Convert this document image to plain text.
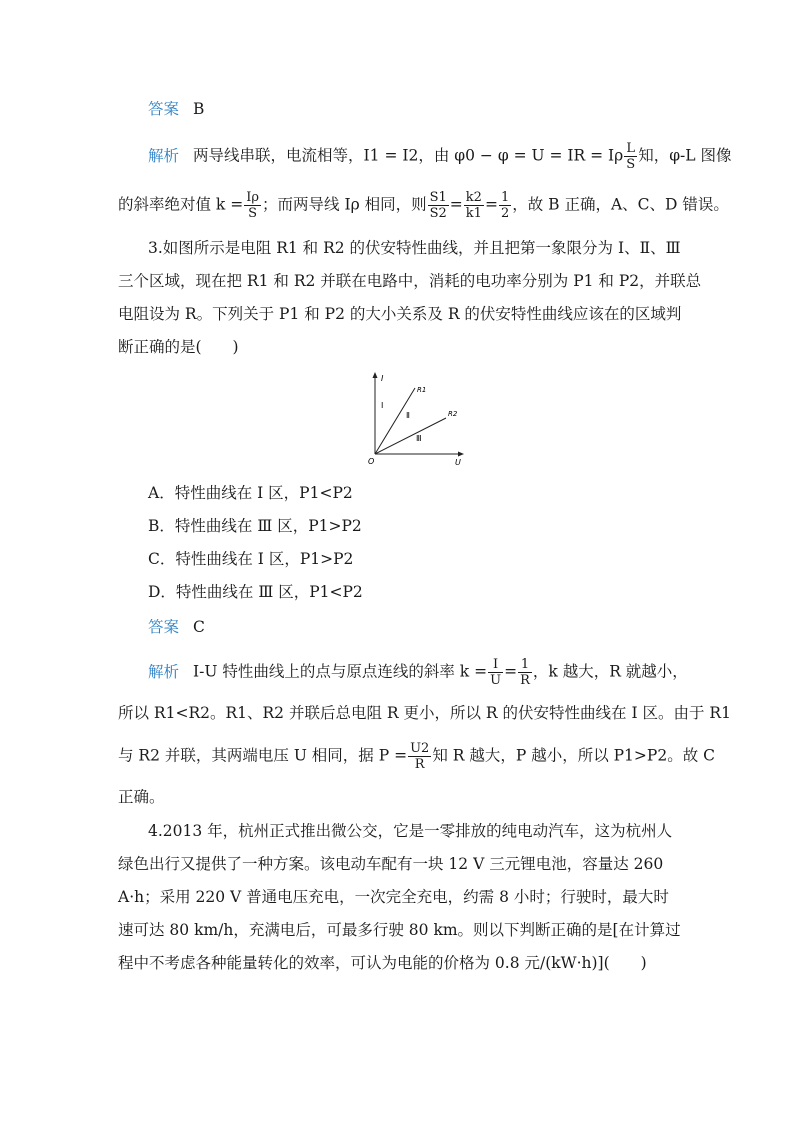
答案 B
解析 两导线串联，电流相等，I1 = I2，由 φ0 − φ = U = IR = Iρ $\frac{L}{S}$ 知，φ-L 图像
的斜率绝对值 $k = \frac{I\rho}{S}$ ；而两导线 Iρ 相同，则 $\frac{S1}{S2} = \frac{k2}{k1} = \frac{1}{2}$ ，故 B 正确，A、C、D 错误。
3.如图所示是电阻 R1 和 R2 的伏安特性曲线，并且把第一象限分为 Ⅰ、Ⅱ、Ⅲ
三个区域，现在把 R1 和 R2 并联在电路中，消耗的电功率分别为 P1 和 P2，并联总
电阻设为 R。下列关于 P1 和 P2 的大小关系及 R 的伏安特性曲线应该在的区域判
断正确的是(　　)
I
U
O
R1
R2
Ⅰ
Ⅱ
Ⅲ
A．特性曲线在 Ⅰ 区，P1<P2
B．特性曲线在 Ⅲ 区，P1>P2
C．特性曲线在 Ⅰ 区，P1>P2
D．特性曲线在 Ⅲ 区，P1<P2
答案 C
解析 I-U 特性曲线上的点与原点连线的斜率 $k = \frac{I}{U} = \frac{1}{R}$ ，k 越大，R 就越小，
所以 R1<R2。R1、R2 并联后总电阻 R 更小，所以 R 的伏安特性曲线在 Ⅰ 区。由于 R1
与 R2 并联，其两端电压 U 相同，据 $P = \frac{U2}{R}$ 知 R 越大，P 越小，所以 P1>P2。故 C
正确。
4.2013 年，杭州正式推出微公交，它是一零排放的纯电动汽车，这为杭州人
绿色出行又提供了一种方案。该电动车配有一块 12 V 三元锂电池，容量达 260
A·h；采用 220 V 普通电压充电，一次完全充电，约需 8 小时；行驶时，最大时
速可达 80 km/h，充满电后，可最多行驶 80 km。则以下判断正确的是[在计算过
程中不考虑各种能量转化的效率，可认为电能的价格为 0.8 元/(kW·h)](　　)
